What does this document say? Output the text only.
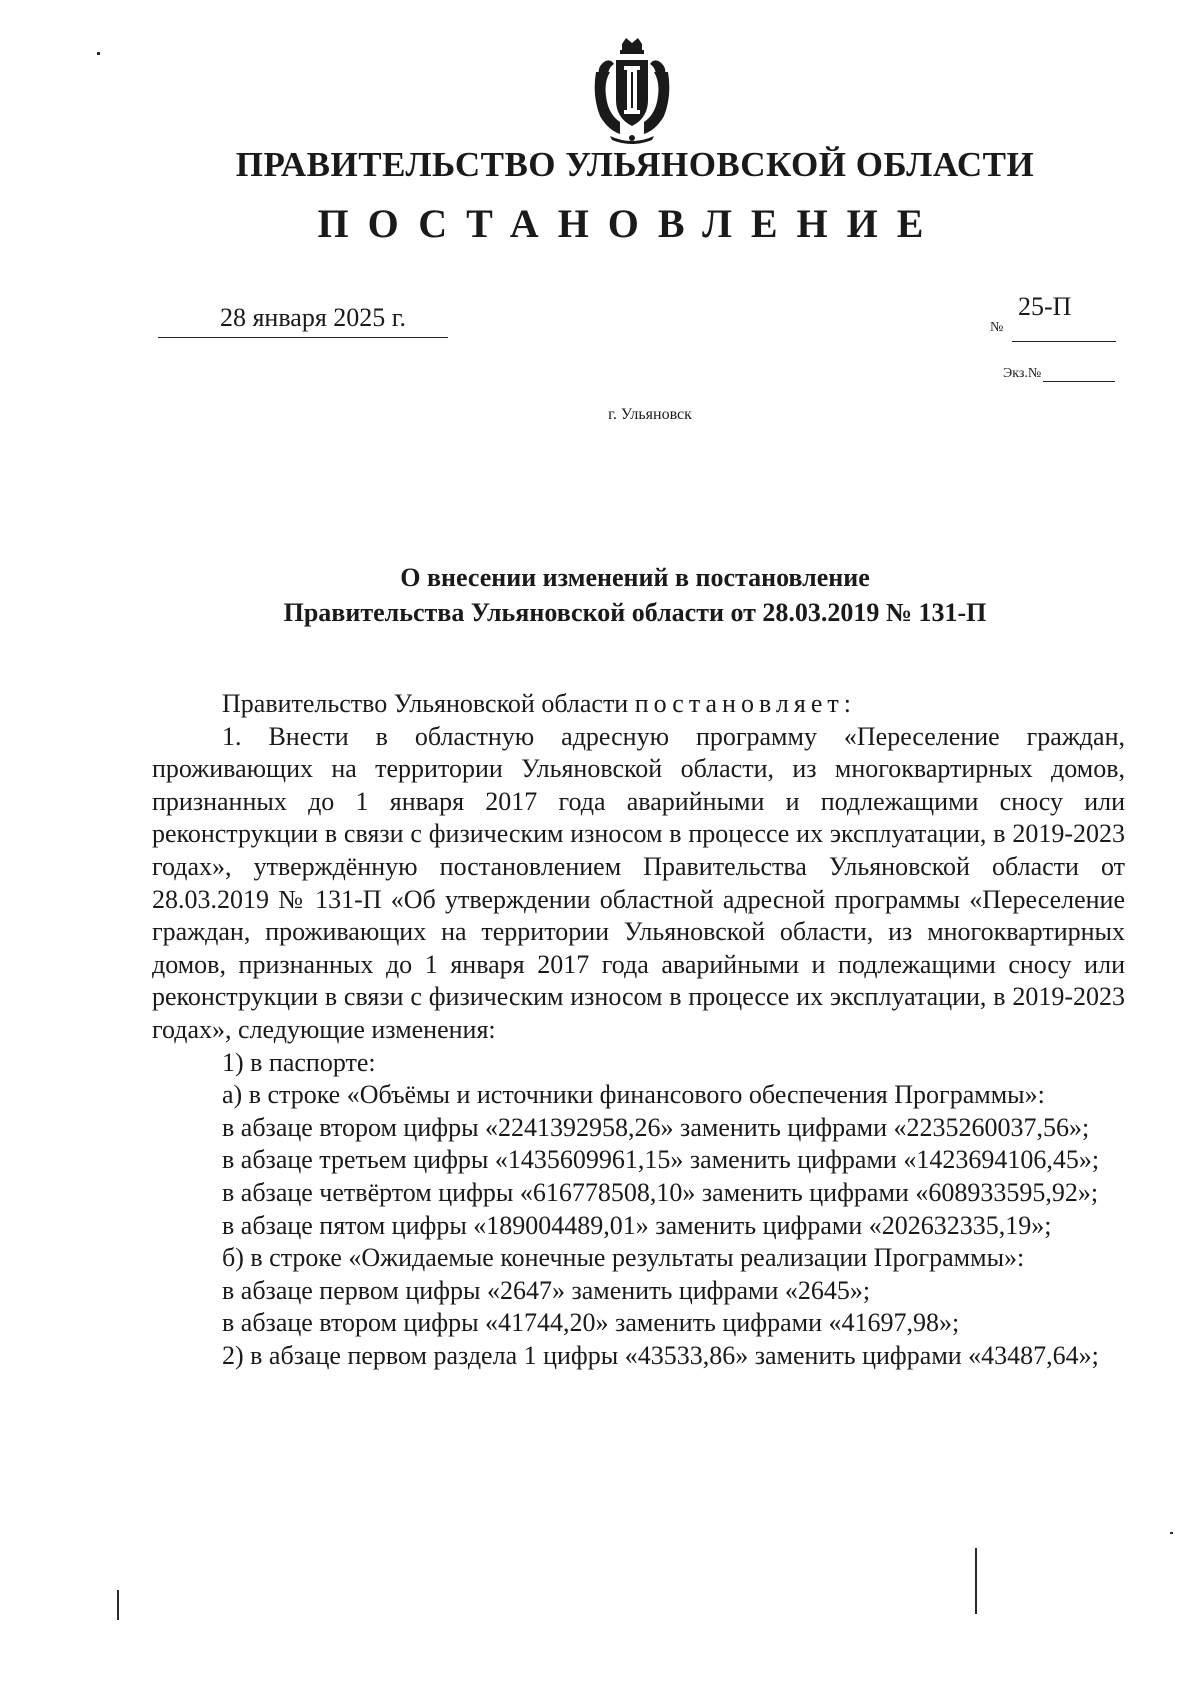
ПРАВИТЕЛЬСТВО УЛЬЯНОВСКОЙ ОБЛАСТИ
ПОСТАНОВЛЕНИЕ
28 января 2025 г.	№
25-П
Экз.№
г. Ульяновск
О внесении изменений в постановление
Правительства Ульяновской области от 28.03.2019 № 131-П

Правительство Ульяновской области постановляет:

1. Внести в областную адресную программу «Переселение граждан, проживающих на территории Ульяновской области, из многоквартирных домов, признанных до 1 января 2017 года аварийными и подлежащими сносу или реконструкции в связи с физическим износом в процессе их эксплуатации, в 2019-2023 годах», утверждённую постановлением Правительства Ульяновской области от 28.03.2019 № 131-П «Об утверждении областной адресной программы «Переселение граждан, проживающих на территории Ульяновской области, из многоквартирных домов, признанных до 1 января 2017 года аварийными и подлежащими сносу или реконструкции в связи с физическим износом в процессе их эксплуатации, в 2019-2023 годах», следующие изменения:

1) в паспорте:

а) в строке «Объёмы и источники финансового обеспечения Программы»:

в абзаце втором цифры «2241392958,26» заменить цифрами «2235260037,56»;

в абзаце третьем цифры «1435609961,15» заменить цифрами «1423694106,45»;

в абзаце четвёртом цифры «616778508,10» заменить цифрами «608933595,92»;

в абзаце пятом цифры «189004489,01» заменить цифрами «202632335,19»;

б) в строке «Ожидаемые конечные результаты реализации Программы»:

в абзаце первом цифры «2647» заменить цифрами «2645»;

в абзаце втором цифры «41744,20» заменить цифрами «41697,98»;

2) в абзаце первом раздела 1 цифры «43533,86» заменить цифрами «43487,64»;
